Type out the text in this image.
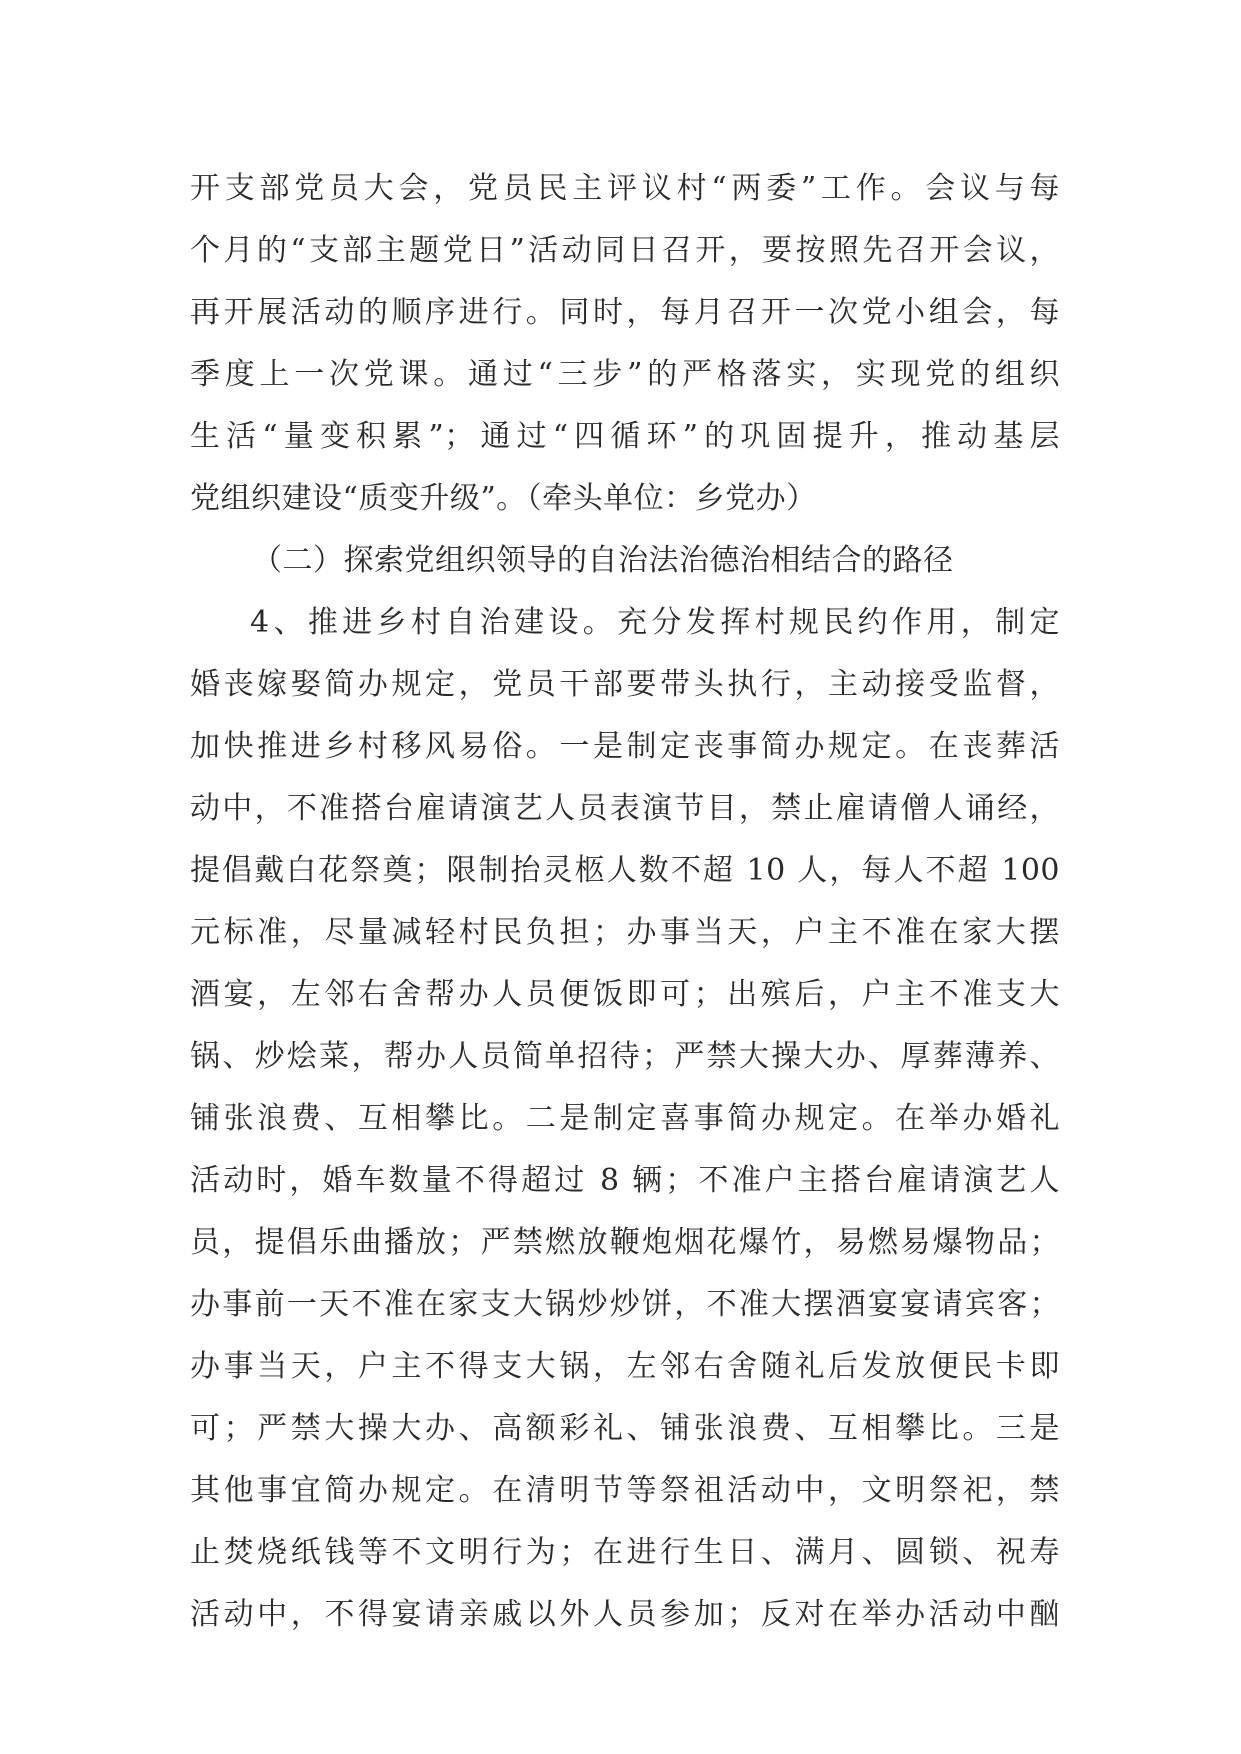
开支部党员大会，党员民主评议村“两委”工作。会议与每
个月的“支部主题党日”活动同日召开，要按照先召开会议，
再开展活动的顺序进行。同时，每月召开一次党小组会，每
季度上一次党课。通过“三步”的严格落实，实现党的组织
生活“量变积累”；通过“四循环”的巩固提升，推动基层
党组织建设“质变升级”。（牵头单位：乡党办）
（二）探索党组织领导的自治法治德治相结合的路径
4、推进乡村自治建设。充分发挥村规民约作用，制定
婚丧嫁娶简办规定，党员干部要带头执行，主动接受监督，
加快推进乡村移风易俗。一是制定丧事简办规定。在丧葬活
动中，不准搭台雇请演艺人员表演节目，禁止雇请僧人诵经，
提倡戴白花祭奠；限制抬灵柩人数不超 10 人，每人不超 100
元标准，尽量减轻村民负担；办事当天，户主不准在家大摆
酒宴，左邻右舍帮办人员便饭即可；出殡后，户主不准支大
锅、炒烩菜，帮办人员简单招待；严禁大操大办、厚葬薄养、
铺张浪费、互相攀比。二是制定喜事简办规定。在举办婚礼
活动时，婚车数量不得超过 8 辆；不准户主搭台雇请演艺人
员，提倡乐曲播放；严禁燃放鞭炮烟花爆竹，易燃易爆物品；
办事前一天不准在家支大锅炒炒饼，不准大摆酒宴宴请宾客；
办事当天，户主不得支大锅，左邻右舍随礼后发放便民卡即
可；严禁大操大办、高额彩礼、铺张浪费、互相攀比。三是
其他事宜简办规定。在清明节等祭祖活动中，文明祭祀，禁
止焚烧纸钱等不文明行为；在进行生日、满月、圆锁、祝寿
活动中，不得宴请亲戚以外人员参加；反对在举办活动中酗
